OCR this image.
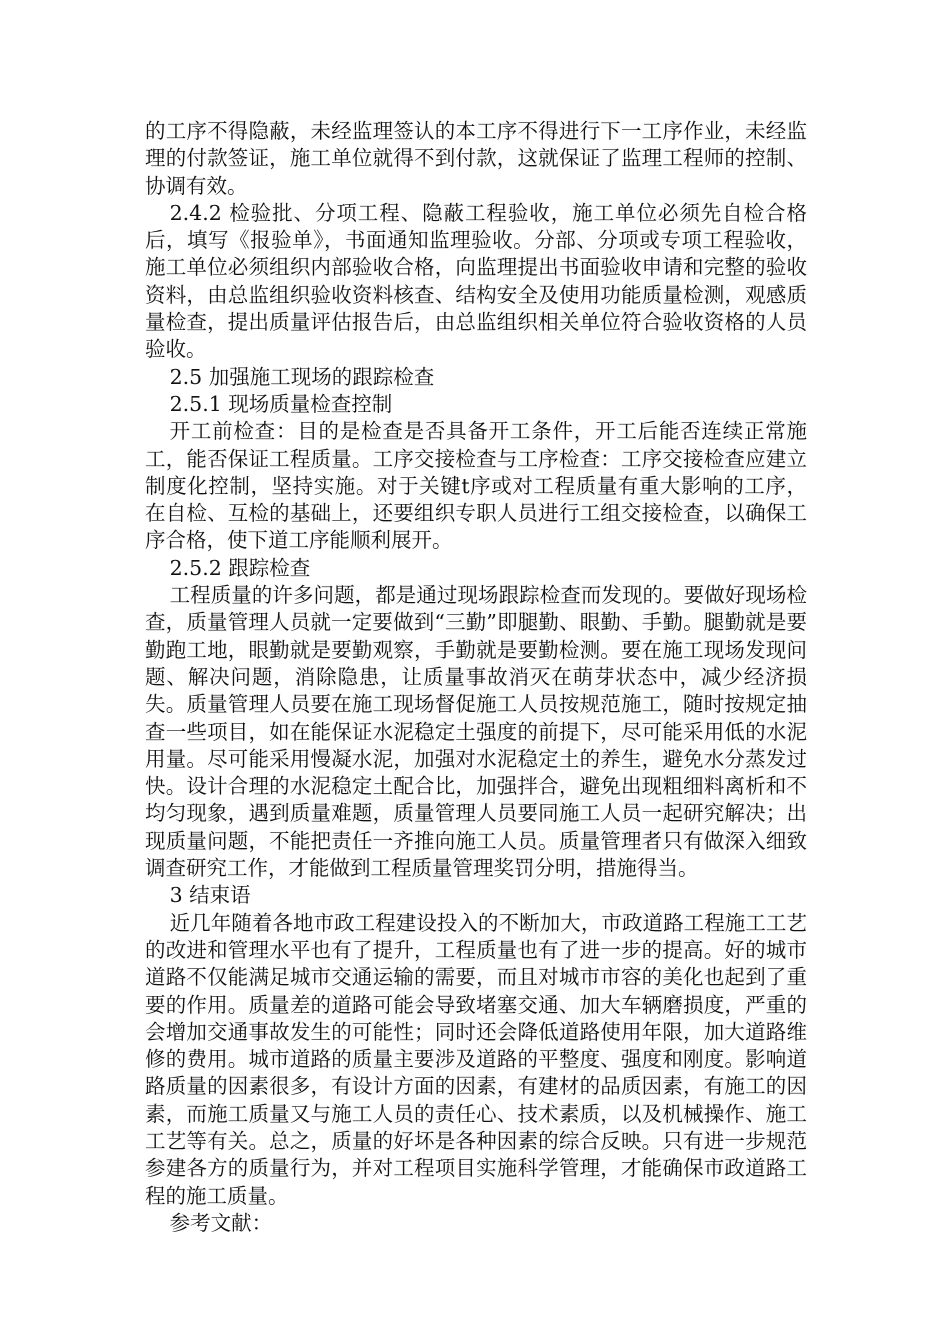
的工序不得隐蔽，未经监理签认的本工序不得进行下一工序作业，未经监理的付款签证，施工单位就得不到付款，这就保证了监理工程师的控制、协调有效。

2.4.2 检验批、分项工程、隐蔽工程验收，施工单位必须先自检合格后，填写《报验单》，书面通知监理验收。分部、分项或专项工程验收，施工单位必须组织内部验收合格，向监理提出书面验收申请和完整的验收资料，由总监组织验收资料核查、结构安全及使用功能质量检测，观感质量检查，提出质量评估报告后，由总监组织相关单位符合验收资格的人员验收。

2.5 加强施工现场的跟踪检查

2.5.1 现场质量检查控制

开工前检查：目的是检查是否具备开工条件，开工后能否连续正常施工，能否保证工程质量。工序交接检查与工序检查：工序交接检查应建立制度化控制，坚持实施。对于关键t序或对工程质量有重大影响的工序，在自检、互检的基础上，还要组织专职人员进行工组交接检查，以确保工序合格，使下道工序能顺利展开。

2.5.2 跟踪检查

工程质量的许多问题，都是通过现场跟踪检查而发现的。要做好现场检查，质量管理人员就一定要做到“三勤”即腿勤、眼勤、手勤。腿勤就是要勤跑工地，眼勤就是要勤观察，手勤就是要勤检测。要在施工现场发现问题、解决问题，消除隐患，让质量事故消灭在萌芽状态中，减少经济损失。质量管理人员要在施工现场督促施工人员按规范施工，随时按规定抽查一些项目，如在能保证水泥稳定土强度的前提下，尽可能采用低的水泥用量。尽可能采用慢凝水泥，加强对水泥稳定土的养生，避免水分蒸发过快。设计合理的水泥稳定土配合比，加强拌合，避免出现粗细料离析和不均匀现象，遇到质量难题，质量管理人员要同施工人员一起研究解决；出现质量问题，不能把责任一齐推向施工人员。质量管理者只有做深入细致调查研究工作，才能做到工程质量管理奖罚分明，措施得当。

3 结束语

近几年随着各地市政工程建设投入的不断加大，市政道路工程施工工艺的改进和管理水平也有了提升，工程质量也有了进一步的提高。好的城市道路不仅能满足城市交通运输的需要，而且对城市市容的美化也起到了重要的作用。质量差的道路可能会导致堵塞交通、加大车辆磨损度，严重的会增加交通事故发生的可能性；同时还会降低道路使用年限，加大道路维修的费用。城市道路的质量主要涉及道路的平整度、强度和刚度。影响道路质量的因素很多，有设计方面的因素，有建材的品质因素，有施工的因素，而施工质量又与施工人员的责任心、技术素质，以及机械操作、施工工艺等有关。总之，质量的好坏是各种因素的综合反映。只有进一步规范参建各方的质量行为，并对工程项目实施科学管理，才能确保市政道路工程的施工质量。

参考文献：
